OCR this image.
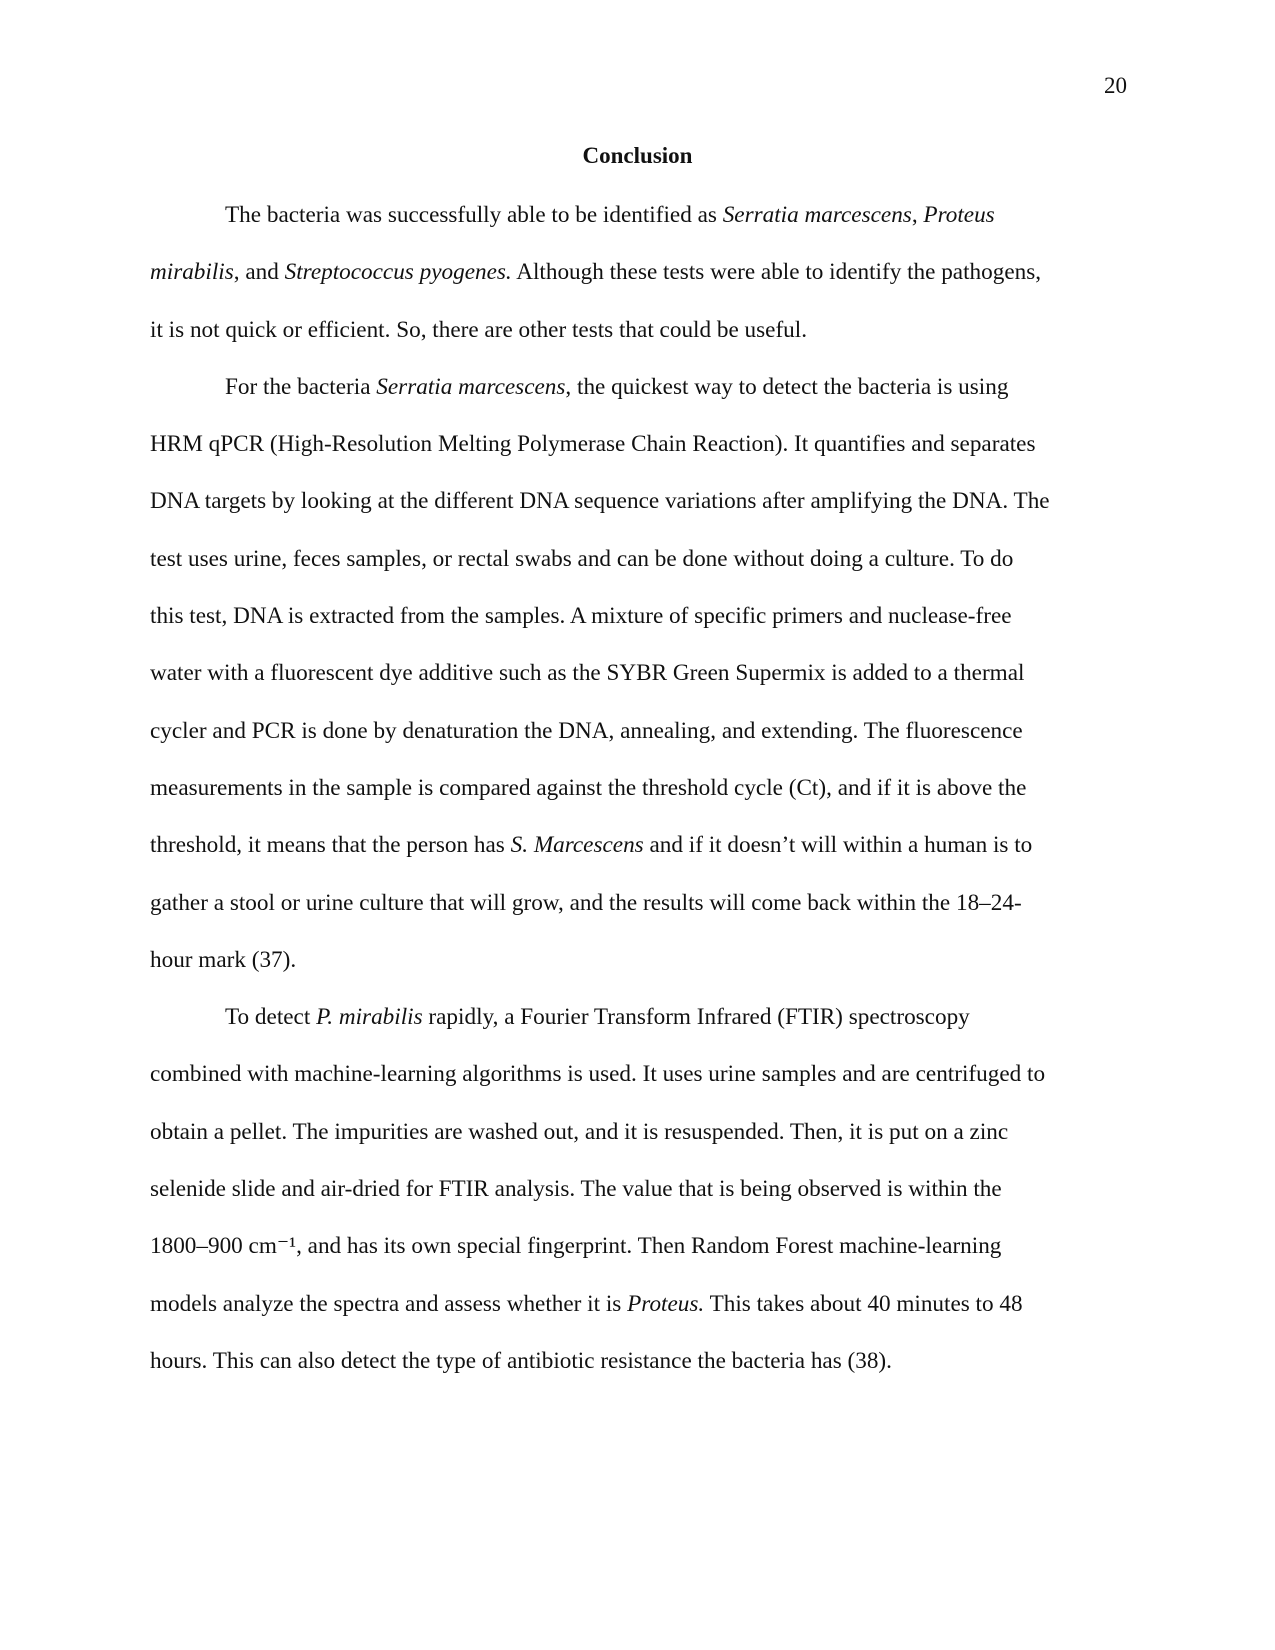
20
Conclusion
The bacteria was successfully able to be identified as Serratia marcescens, Proteus
mirabilis, and Streptococcus pyogenes. Although these tests were able to identify the pathogens,
it is not quick or efficient. So, there are other tests that could be useful.
For the bacteria Serratia marcescens, the quickest way to detect the bacteria is using
HRM qPCR (High-Resolution Melting Polymerase Chain Reaction). It quantifies and separates
DNA targets by looking at the different DNA sequence variations after amplifying the DNA. The
test uses urine, feces samples, or rectal swabs and can be done without doing a culture. To do
this test, DNA is extracted from the samples. A mixture of specific primers and nuclease-free
water with a fluorescent dye additive such as the SYBR Green Supermix is added to a thermal
cycler and PCR is done by denaturation the DNA, annealing, and extending. The fluorescence
measurements in the sample is compared against the threshold cycle (Ct), and if it is above the
threshold, it means that the person has S. Marcescens and if it doesn’t will within a human is to
gather a stool or urine culture that will grow, and the results will come back within the 18–24-
hour mark (37).
To detect P. mirabilis rapidly, a Fourier Transform Infrared (FTIR) spectroscopy
combined with machine-learning algorithms is used. It uses urine samples and are centrifuged to
obtain a pellet. The impurities are washed out, and it is resuspended. Then, it is put on a zinc
selenide slide and air-dried for FTIR analysis. The value that is being observed is within the
1800–900 cm⁻¹, and has its own special fingerprint. Then Random Forest machine-learning
models analyze the spectra and assess whether it is Proteus. This takes about 40 minutes to 48
hours. This can also detect the type of antibiotic resistance the bacteria has (38).
